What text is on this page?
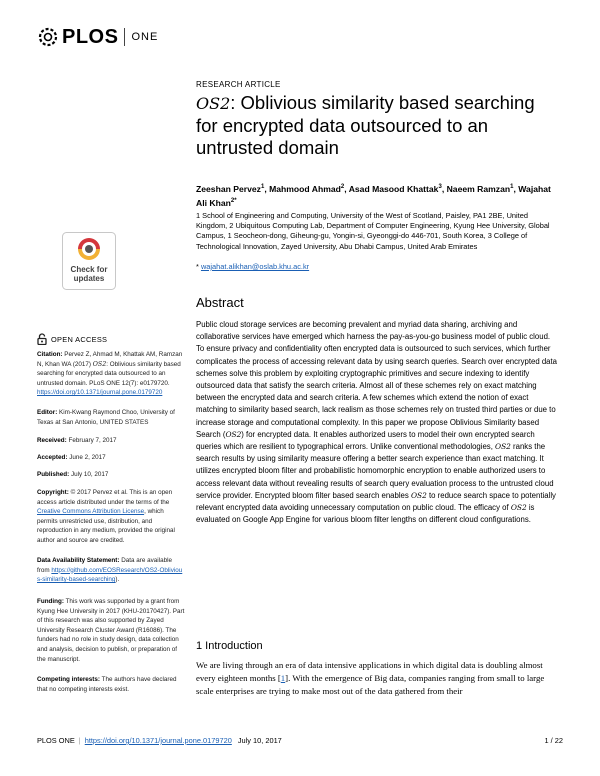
PLOS ONE
RESEARCH ARTICLE
OS2: Oblivious similarity based searching for encrypted data outsourced to an untrusted domain
Zeeshan Pervez$^1$, Mahmood Ahmad$^2$, Asad Masood Khattak$^3$, Naeem Ramzan$^1$, Wajahat Ali Khan$^{2*}$
1 School of Engineering and Computing, University of the West of Scotland, Paisley, PA1 2BE, United Kingdom, 2 Ubiquitous Computing Lab, Department of Computer Engineering, Kyung Hee University, Global Campus, 1 Seocheon-dong, Giheung-gu, Yongin-si, Gyeonggi-do 446-701, South Korea, 3 College of Technological Innovation, Zayed University, Abu Dhabi Campus, United Arab Emirates
* wajahat.alikhan@oslab.khu.ac.kr
Check for
updates
OPEN ACCESS
Citation: Pervez Z, Ahmad M, Khattak AM, Ramzan N, Khan WA (2017) OS2: Oblivious similarity based searching for encrypted data outsourced to an untrusted domain. PLoS ONE 12(7): e0179720. https://doi.org/10.1371/journal.pone.0179720
Editor: Kim-Kwang Raymond Choo, University of Texas at San Antonio, UNITED STATES
Received: February 7, 2017
Accepted: June 2, 2017
Published: July 10, 2017
Copyright: © 2017 Pervez et al. This is an open access article distributed under the terms of the Creative Commons Attribution License, which permits unrestricted use, distribution, and reproduction in any medium, provided the original author and source are credited.
Data Availability Statement: Data are available from https://github.com/EOSResearch/OS2-Oblivious-similarity-based-searching).
Funding: This work was supported by a grant from Kyung Hee University in 2017 (KHU-20170427). Part of this research was also supported by Zayed University Research Cluster Award (R16086). The funders had no role in study design, data collection and analysis, decision to publish, or preparation of the manuscript.
Competing interests: The authors have declared that no competing interests exist.
Abstract
Public cloud storage services are becoming prevalent and myriad data sharing, archiving and collaborative services have emerged which harness the pay-as-you-go business model of public cloud. To ensure privacy and confidentiality often encrypted data is outsourced to such services, which further complicates the process of accessing relevant data by using search queries. Search over encrypted data schemes solve this problem by exploiting cryptographic primitives and secure indexing to identify outsourced data that satisfy the search criteria. Almost all of these schemes rely on exact matching between the encrypted data and search criteria. A few schemes which extend the notion of exact matching to similarity based search, lack realism as those schemes rely on trusted third parties or due to increase storage and computational complexity. In this paper we propose Oblivious Similarity based Search (OS2) for encrypted data. It enables authorized users to model their own encrypted search queries which are resilient to typographical errors. Unlike conventional methodologies, OS2 ranks the search results by using similarity measure offering a better search experience than exact matching. It utilizes encrypted bloom filter and probabilistic homomorphic encryption to enable authorized users to access relevant data without revealing results of search query evaluation process to the untrusted cloud service provider. Encrypted bloom filter based search enables OS2 to reduce search space to potentially relevant encrypted data avoiding unnecessary computation on public cloud. The efficacy of OS2 is evaluated on Google App Engine for various bloom filter lengths on different cloud configurations.
1 Introduction
We are living through an era of data intensive applications in which digital data is doubling almost every eighteen months [1]. With the emergence of Big data, companies ranging from small to large scale enterprises are trying to make most out of the data gathered from their
PLOS ONE | https://doi.org/10.1371/journal.pone.0179720 July 10, 2017	1 / 22
